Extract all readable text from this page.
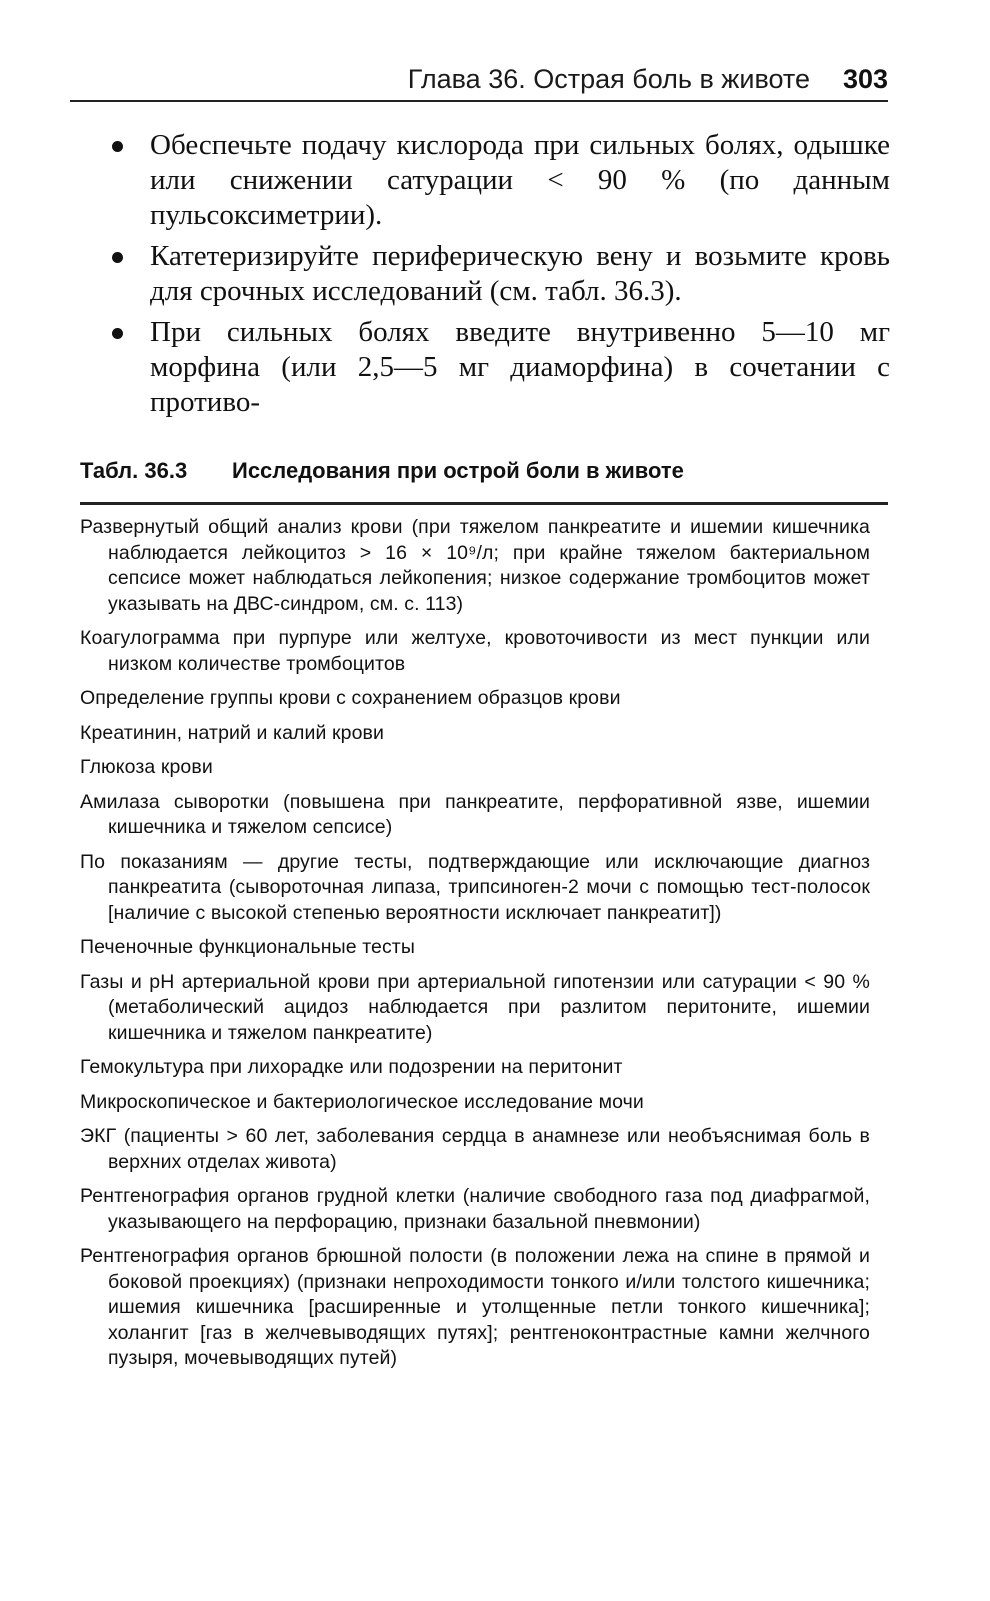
Глава 36. Острая боль в животе 303
Обеспечьте подачу кислорода при сильных болях, одышке или снижении сатурации < 90 % (по данным пульсоксиметрии).
Катетеризируйте периферическую вену и возьмите кровь для срочных исследований (см. табл. 36.3).
При сильных болях введите внутривенно 5—10 мг морфина (или 2,5—5 мг диаморфина) в сочетании с противо-
Табл. 36.3 Исследования при острой боли в животе
Развернутый общий анализ крови (при тяжелом панкреатите и ишемии кишечника наблюдается лейкоцитоз > 16 × 10⁹/л; при крайне тяжелом бактериальном сепсисе может наблюдаться лейкопения; низкое содержание тромбоцитов может указывать на ДВС-синдром, см. с. 113)
Коагулограмма при пурпуре или желтухе, кровоточивости из мест пункции или низком количестве тромбоцитов
Определение группы крови с сохранением образцов крови
Креатинин, натрий и калий крови
Глюкоза крови
Амилаза сыворотки (повышена при панкреатите, перфоративной язве, ишемии кишечника и тяжелом сепсисе)
По показаниям — другие тесты, подтверждающие или исключающие диагноз панкреатита (сывороточная липаза, трипсиноген-2 мочи с помощью тест-полосок [наличие с высокой степенью вероятности исключает панкреатит])
Печеночные функциональные тесты
Газы и pH артериальной крови при артериальной гипотензии или сатурации < 90 % (метаболический ацидоз наблюдается при разлитом перитоните, ишемии кишечника и тяжелом панкреатите)
Гемокультура при лихорадке или подозрении на перитонит
Микроскопическое и бактериологическое исследование мочи
ЭКГ (пациенты > 60 лет, заболевания сердца в анамнезе или необъяснимая боль в верхних отделах живота)
Рентгенография органов грудной клетки (наличие свободного газа под диафрагмой, указывающего на перфорацию, признаки базальной пневмонии)
Рентгенография органов брюшной полости (в положении лежа на спине в прямой и боковой проекциях) (признаки непроходимости тонкого и/или толстого кишечника; ишемия кишечника [расширенные и утолщенные петли тонкого кишечника]; холангит [газ в желчевыводящих путях]; рентгеноконтрастные камни желчного пузыря, мочевыводящих путей)
